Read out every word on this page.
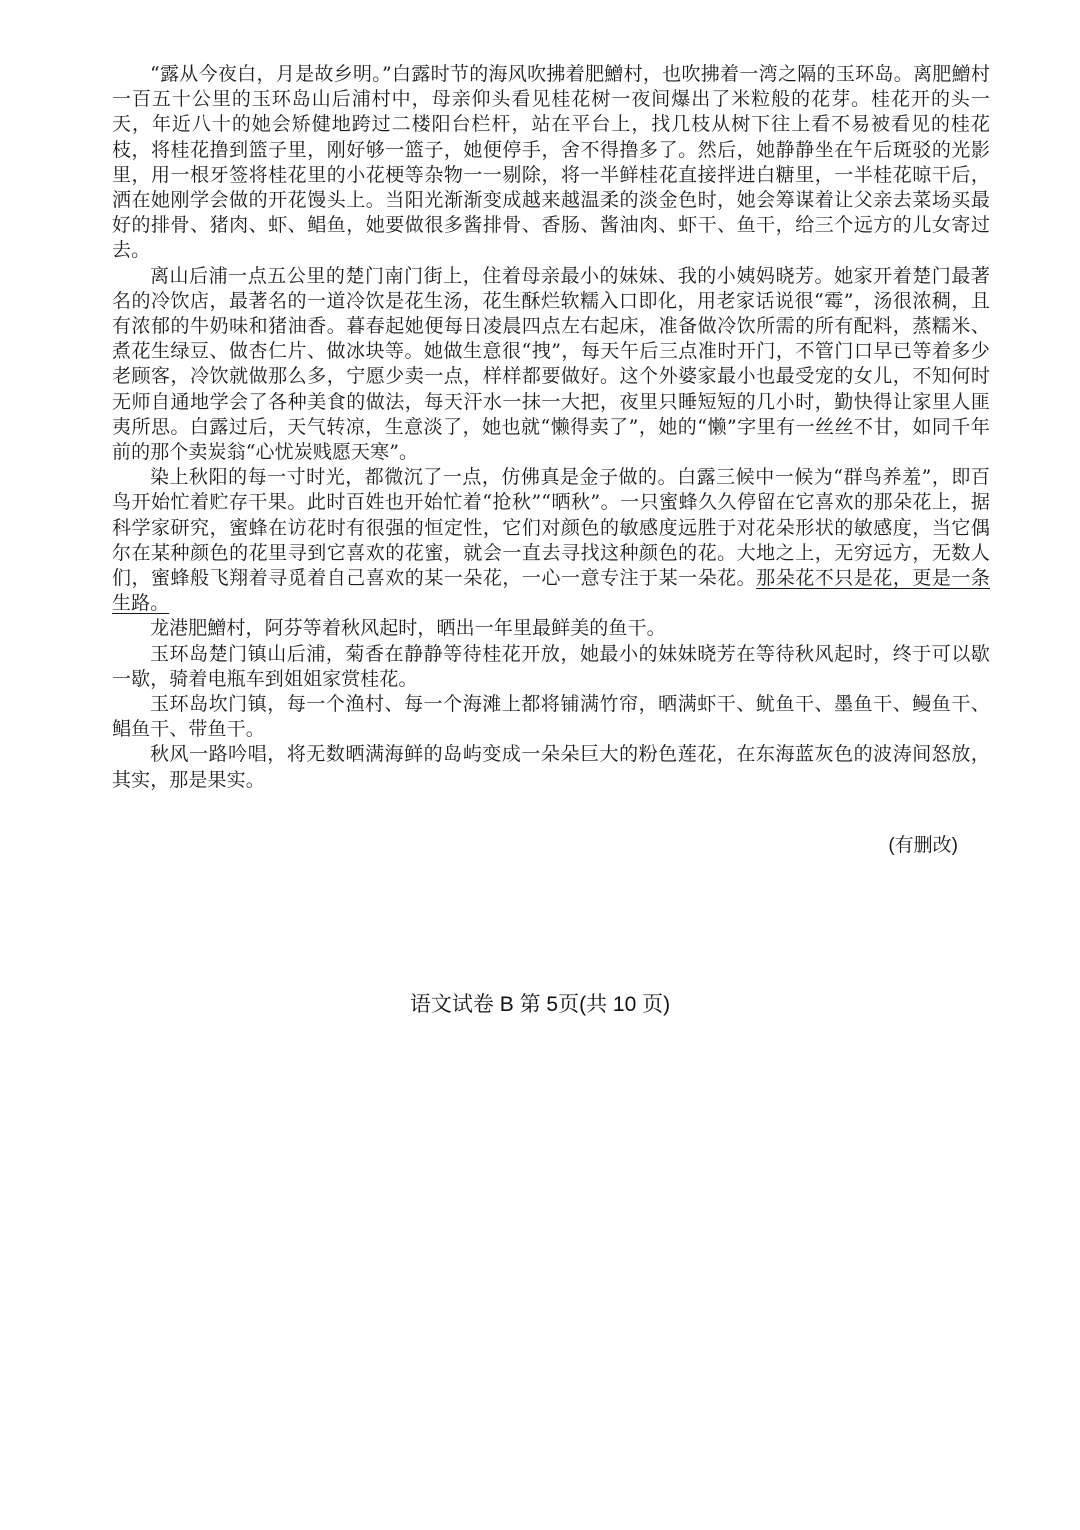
“露从今夜白，月是故乡明。”白露时节的海风吹拂着肥鱛村，也吹拂着一湾之隔的玉环岛。离肥鱛村一百五十公里的玉环岛山后浦村中，母亲仰头看见桂花树一夜间爆出了米粒般的花芽。桂花开的头一天，年近八十的她会矫健地跨过二楼阳台栏杆，站在平台上，找几枝从树下往上看不易被看见的桂花枝，将桂花撸到篮子里，刚好够一篮子，她便停手，舍不得撸多了。然后，她静静坐在午后斑驳的光影里，用一根牙签将桂花里的小花梗等杂物一一剔除，将一半鲜桂花直接拌进白糖里，一半桂花晾干后，洒在她刚学会做的开花馒头上。当阳光渐渐变成越来越温柔的淡金色时，她会筹谋着让父亲去菜场买最好的排骨、猪肉、虾、鲳鱼，她要做很多酱排骨、香肠、酱油肉、虾干、鱼干，给三个远方的儿女寄过去。

离山后浦一点五公里的楚门南门街上，住着母亲最小的妹妹、我的小姨妈晓芳。她家开着楚门最著名的冷饮店，最著名的一道冷饮是花生汤，花生酥烂软糯入口即化，用老家话说很“霉”，汤很浓稠，且有浓郁的牛奶味和猪油香。暮春起她便每日凌晨四点左右起床，准备做冷饮所需的所有配料，蒸糯米、煮花生绿豆、做杏仁片、做冰块等。她做生意很“拽”，每天午后三点准时开门，不管门口早已等着多少老顾客，冷饮就做那么多，宁愿少卖一点，样样都要做好。这个外婆家最小也最受宠的女儿，不知何时无师自通地学会了各种美食的做法，每天汗水一抹一大把，夜里只睡短短的几小时，勤快得让家里人匪夷所思。白露过后，天气转凉，生意淡了，她也就“懒得卖了”，她的“懒”字里有一丝丝不甘，如同千年前的那个卖炭翁“心忧炭贱愿天寒”。

染上秋阳的每一寸时光，都微沉了一点，仿佛真是金子做的。白露三候中一候为“群鸟养羞”，即百鸟开始忙着贮存干果。此时百姓也开始忙着“抢秋”“晒秋”。一只蜜蜂久久停留在它喜欢的那朵花上，据科学家研究，蜜蜂在访花时有很强的恒定性，它们对颜色的敏感度远胜于对花朵形状的敏感度，当它偶尔在某种颜色的花里寻到它喜欢的花蜜，就会一直去寻找这种颜色的花。大地之上，无穷远方，无数人们，蜜蜂般飞翔着寻觅着自己喜欢的某一朵花，一心一意专注于某一朵花。那朵花不只是花，更是一条生路。

龙港肥鱛村，阿芬等着秋风起时，晒出一年里最鲜美的鱼干。

玉环岛楚门镇山后浦，菊香在静静等待桂花开放，她最小的妹妹晓芳在等待秋风起时，终于可以歇一歇，骑着电瓶车到姐姐家赏桂花。

玉环岛坎门镇，每一个渔村、每一个海滩上都将铺满竹帘，晒满虾干、鱿鱼干、墨鱼干、鳗鱼干、鲳鱼干、带鱼干。

秋风一路吟唱，将无数晒满海鲜的岛屿变成一朵朵巨大的粉色莲花，在东海蓝灰色的波涛间怒放，其实，那是果实。

(有删改)
语文试卷 B 第 5页(共 10 页)
